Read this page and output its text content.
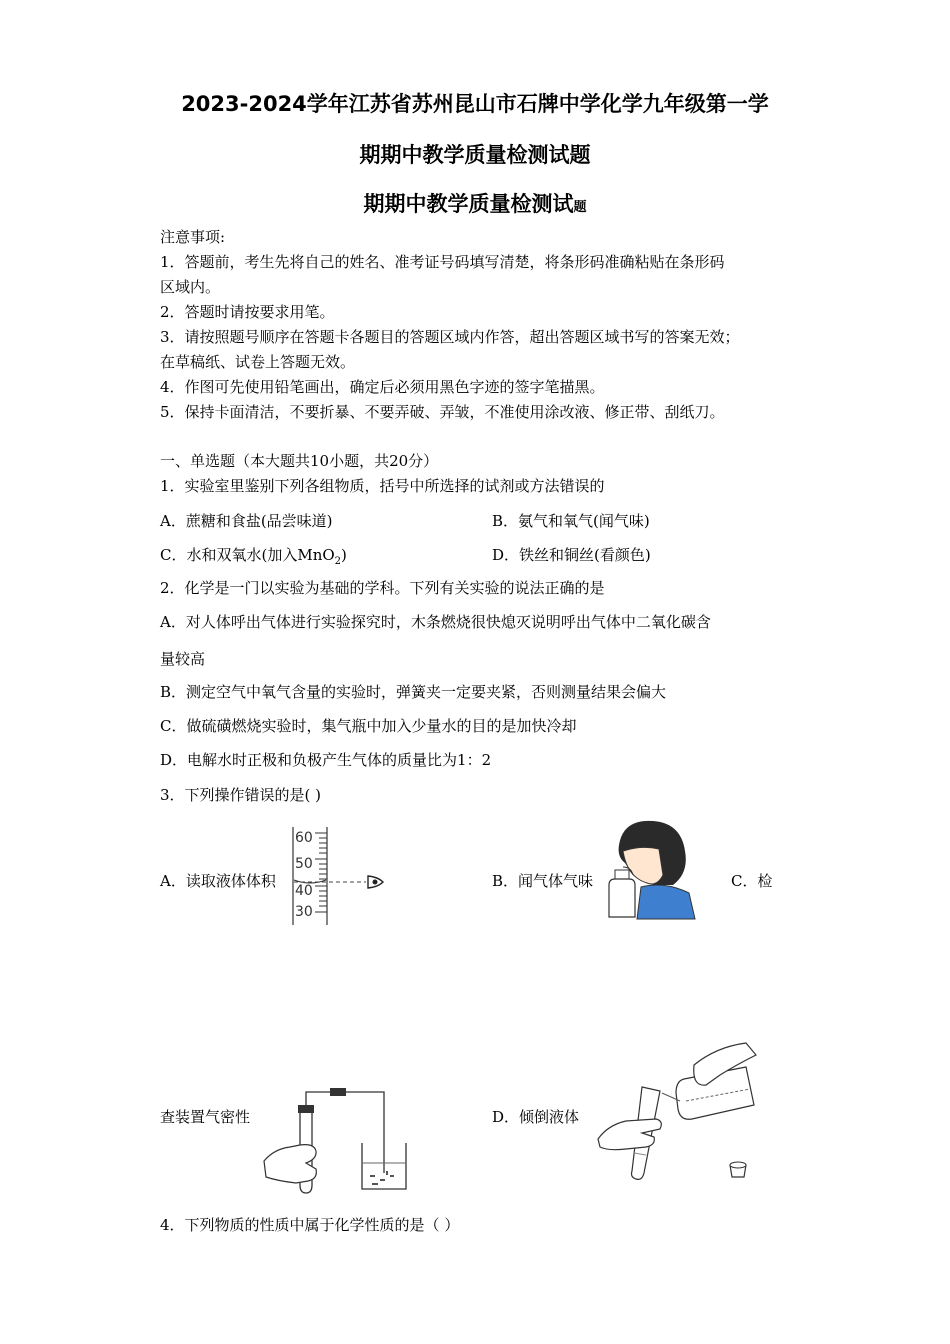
2023-2024学年江苏省苏州昆山市石牌中学化学九年级第一学
期期中教学质量检测试题
期期中教学质量检测试题
注意事项:
1．答题前，考生先将自己的姓名、准考证号码填写清楚，将条形码准确粘贴在条形码
区域内。
2．答题时请按要求用笔。
3．请按照题号顺序在答题卡各题目的答题区域内作答，超出答题区域书写的答案无效；
在草稿纸、试卷上答题无效。
4．作图可先使用铅笔画出，确定后必须用黑色字迹的签字笔描黑。
5．保持卡面清洁，不要折暴、不要弄破、弄皱，不准使用涂改液、修正带、刮纸刀。
一、单选题（本大题共10小题，共20分）
1．实验室里鉴别下列各组物质，括号中所选择的试剂或方法错误的
A．蔗糖和食盐(品尝味道)	B．氨气和氧气(闻气味)
C．水和双氧水(加入MnO$_2$)	D．铁丝和铜丝(看颜色)
2．化学是一门以实验为基础的学科。下列有关实验的说法正确的是
A．对人体呼出气体进行实验探究时，木条燃烧很快熄灭说明呼出气体中二氧化碳含
量较高
B．测定空气中氧气含量的实验时，弹簧夹一定要夹紧，否则测量结果会偏大
C．做硫磺燃烧实验时，集气瓶中加入少量水的目的是加快冷却
D．电解水时正极和负极产生气体的质量比为1：2
3．下列操作错误的是( )
A．读取液体体积
60
50
40
30
B．闻气体气味	C．检
查装置气密性	D．倾倒液体
4．下列物质的性质中属于化学性质的是（ ）
